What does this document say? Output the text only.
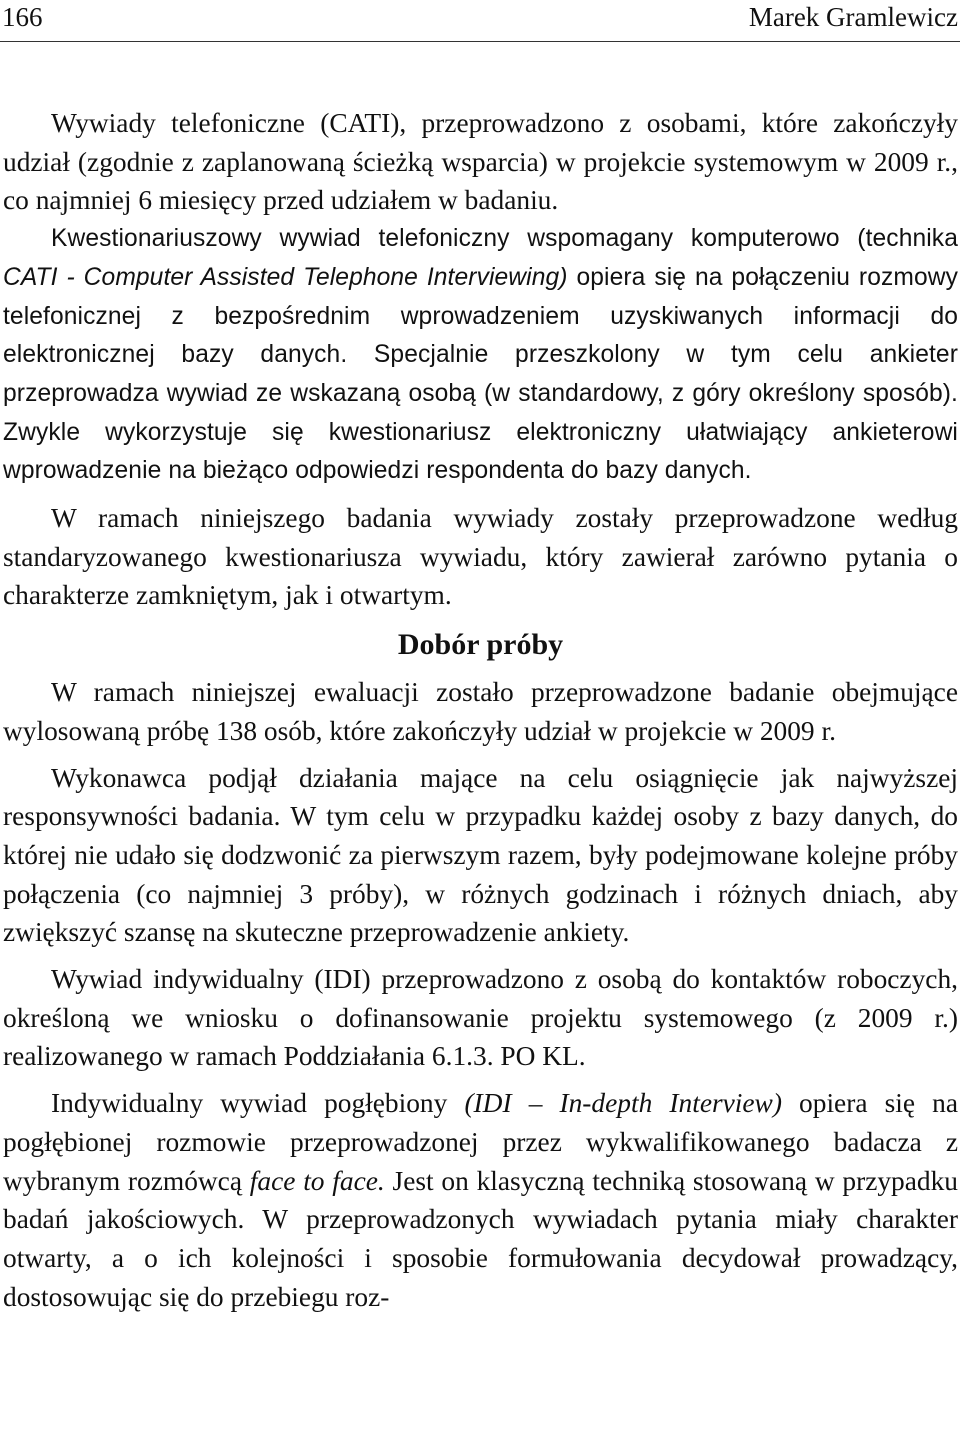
166	Marek Gramlewicz

Wywiady telefoniczne (CATI), przeprowadzono z osobami, które zakończyły udział (zgodnie z zaplanowaną ścieżką wsparcia) w projekcie systemowym w 2009 r., co najmniej 6 miesięcy przed udziałem w badaniu.

Kwestionariuszowy wywiad telefoniczny wspomagany komputerowo (technika CATI - Computer Assisted Telephone Interviewing) opiera się na połączeniu rozmowy telefonicznej z bezpośrednim wprowadzeniem uzyskiwanych informacji do elektronicznej bazy danych. Specjalnie przeszkolony w tym celu ankieter przeprowadza wywiad ze wskazaną osobą (w standardowy, z góry określony sposób). Zwykle wykorzystuje się kwestionariusz elektroniczny ułatwiający ankieterowi wprowadzenie na bieżąco odpowiedzi respondenta do bazy danych.

W ramach niniejszego badania wywiady zostały przeprowadzone według standaryzowanego kwestionariusza wywiadu, który zawierał zarówno pytania o charakterze zamkniętym, jak i otwartym.

Dobór próby

W ramach niniejszej ewaluacji zostało przeprowadzone badanie obejmujące wylosowaną próbę 138 osób, które zakończyły udział w projekcie w 2009 r.

Wykonawca podjął działania mające na celu osiągnięcie jak najwyższej responsywności badania. W tym celu w przypadku każdej osoby z bazy danych, do której nie udało się dodzwonić za pierwszym razem, były podejmowane kolejne próby połączenia (co najmniej 3 próby), w różnych godzinach i różnych dniach, aby zwiększyć szansę na skuteczne przeprowadzenie ankiety.

Wywiad indywidualny (IDI) przeprowadzono z osobą do kontaktów roboczych, określoną we wniosku o dofinansowanie projektu systemowego (z 2009 r.) realizowanego w ramach Poddziałania 6.1.3. PO KL.

Indywidualny wywiad pogłębiony (IDI – In-depth Interview) opiera się na pogłębionej rozmowie przeprowadzonej przez wykwalifikowanego badacza z wybranym rozmówcą face to face. Jest on klasyczną techniką stosowaną w przypadku badań jakościowych. W przeprowadzonych wywiadach pytania miały charakter otwarty, a o ich kolejności i sposobie formułowania decydował prowadzący, dostosowując się do przebiegu roz-
